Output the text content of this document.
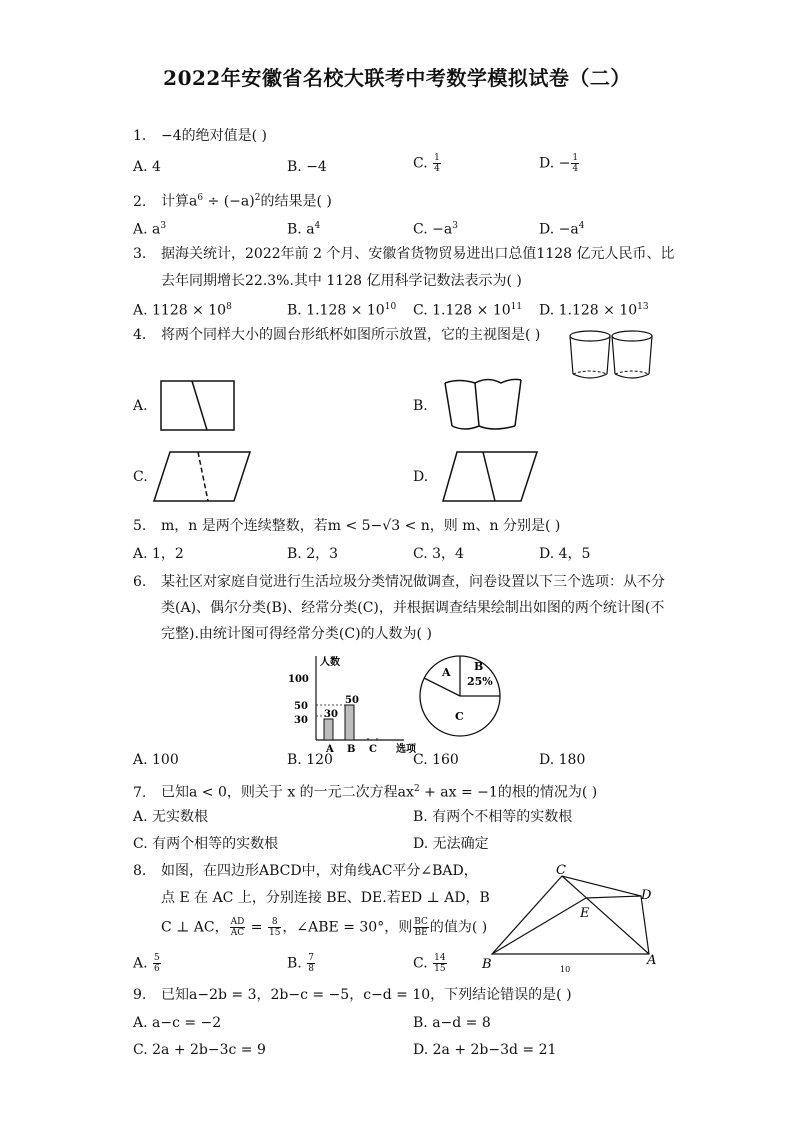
2022年安徽省名校大联考中考数学模拟试卷（二）
1. −4的绝对值是( )
A. 4	B. −4	C. $\frac{1}{4}$	D. − $\frac{1}{4}$
2. 计算$a^6 \div (-a)^2$的结果是( )
A. $a^3$	B. $a^4$	C. $-a^3$	D. $-a^4$
3. 据海关统计，2022年前 2 个月、安徽省货物贸易进出口总值1128 亿元人民币、比
去年同期增长22.3%.其中 1128 亿用科学记数法表示为( )
A. $1128 \times 10^8$	B. $1.128 \times 10^{10}$ C. $1.128 \times 10^{11}$ D. $1.128 \times 10^{13}$
4. 将两个同样大小的圆台形纸杯如图所示放置，它的主视图是( )
A.	B.
C.	D.
5. m，n 是两个连续整数，若m < 5−√3 < n，则 m、n 分别是( )
A. 1，2	B. 2，3	C. 3，4	D. 4，5
6. 某社区对家庭自觉进行生活垃圾分类情况做调查，问卷设置以下三个选项：从不分
类(A)、偶尔分类(B)、经常分类(C)，并根据调查结果绘制出如图的两个统计图(不
完整).由统计图可得经常分类(C)的人数为( )
人数
100
50
30
30
50
A B C 选项
A B
25%
C
A. 100	B. 120	C. 160	D. 180
7. 已知a < 0，则关于 x 的一元二次方程$ax^2$ + ax = −1的根的情况为( )
A. 无实数根	B. 有两个不相等的实数根
C. 有两个相等的实数根	D. 无法确定
8. 如图，在四边形ABCD中，对角线AC平分∠BAD，
点 E 在 AC 上，分别连接 BE、DE.若ED ⊥ AD，B
C ⊥ AC， $\frac{AD}{AC} = \frac{8}{15}$ ，∠ABE = 30°，则 $\frac{BC}{BE}$ 的值为( )
A. $\frac{5}{6}$	B. $\frac{7}{8}$	C. $\frac{14}{15}$
C
D
E
B	A
10
9. 已知a−2b = 3，2b−c = −5，c−d = 10，下列结论错误的是( )
A. a−c = −2	B. a−d = 8
C. 2a + 2b−3c = 9	D. 2a + 2b−3d = 21
